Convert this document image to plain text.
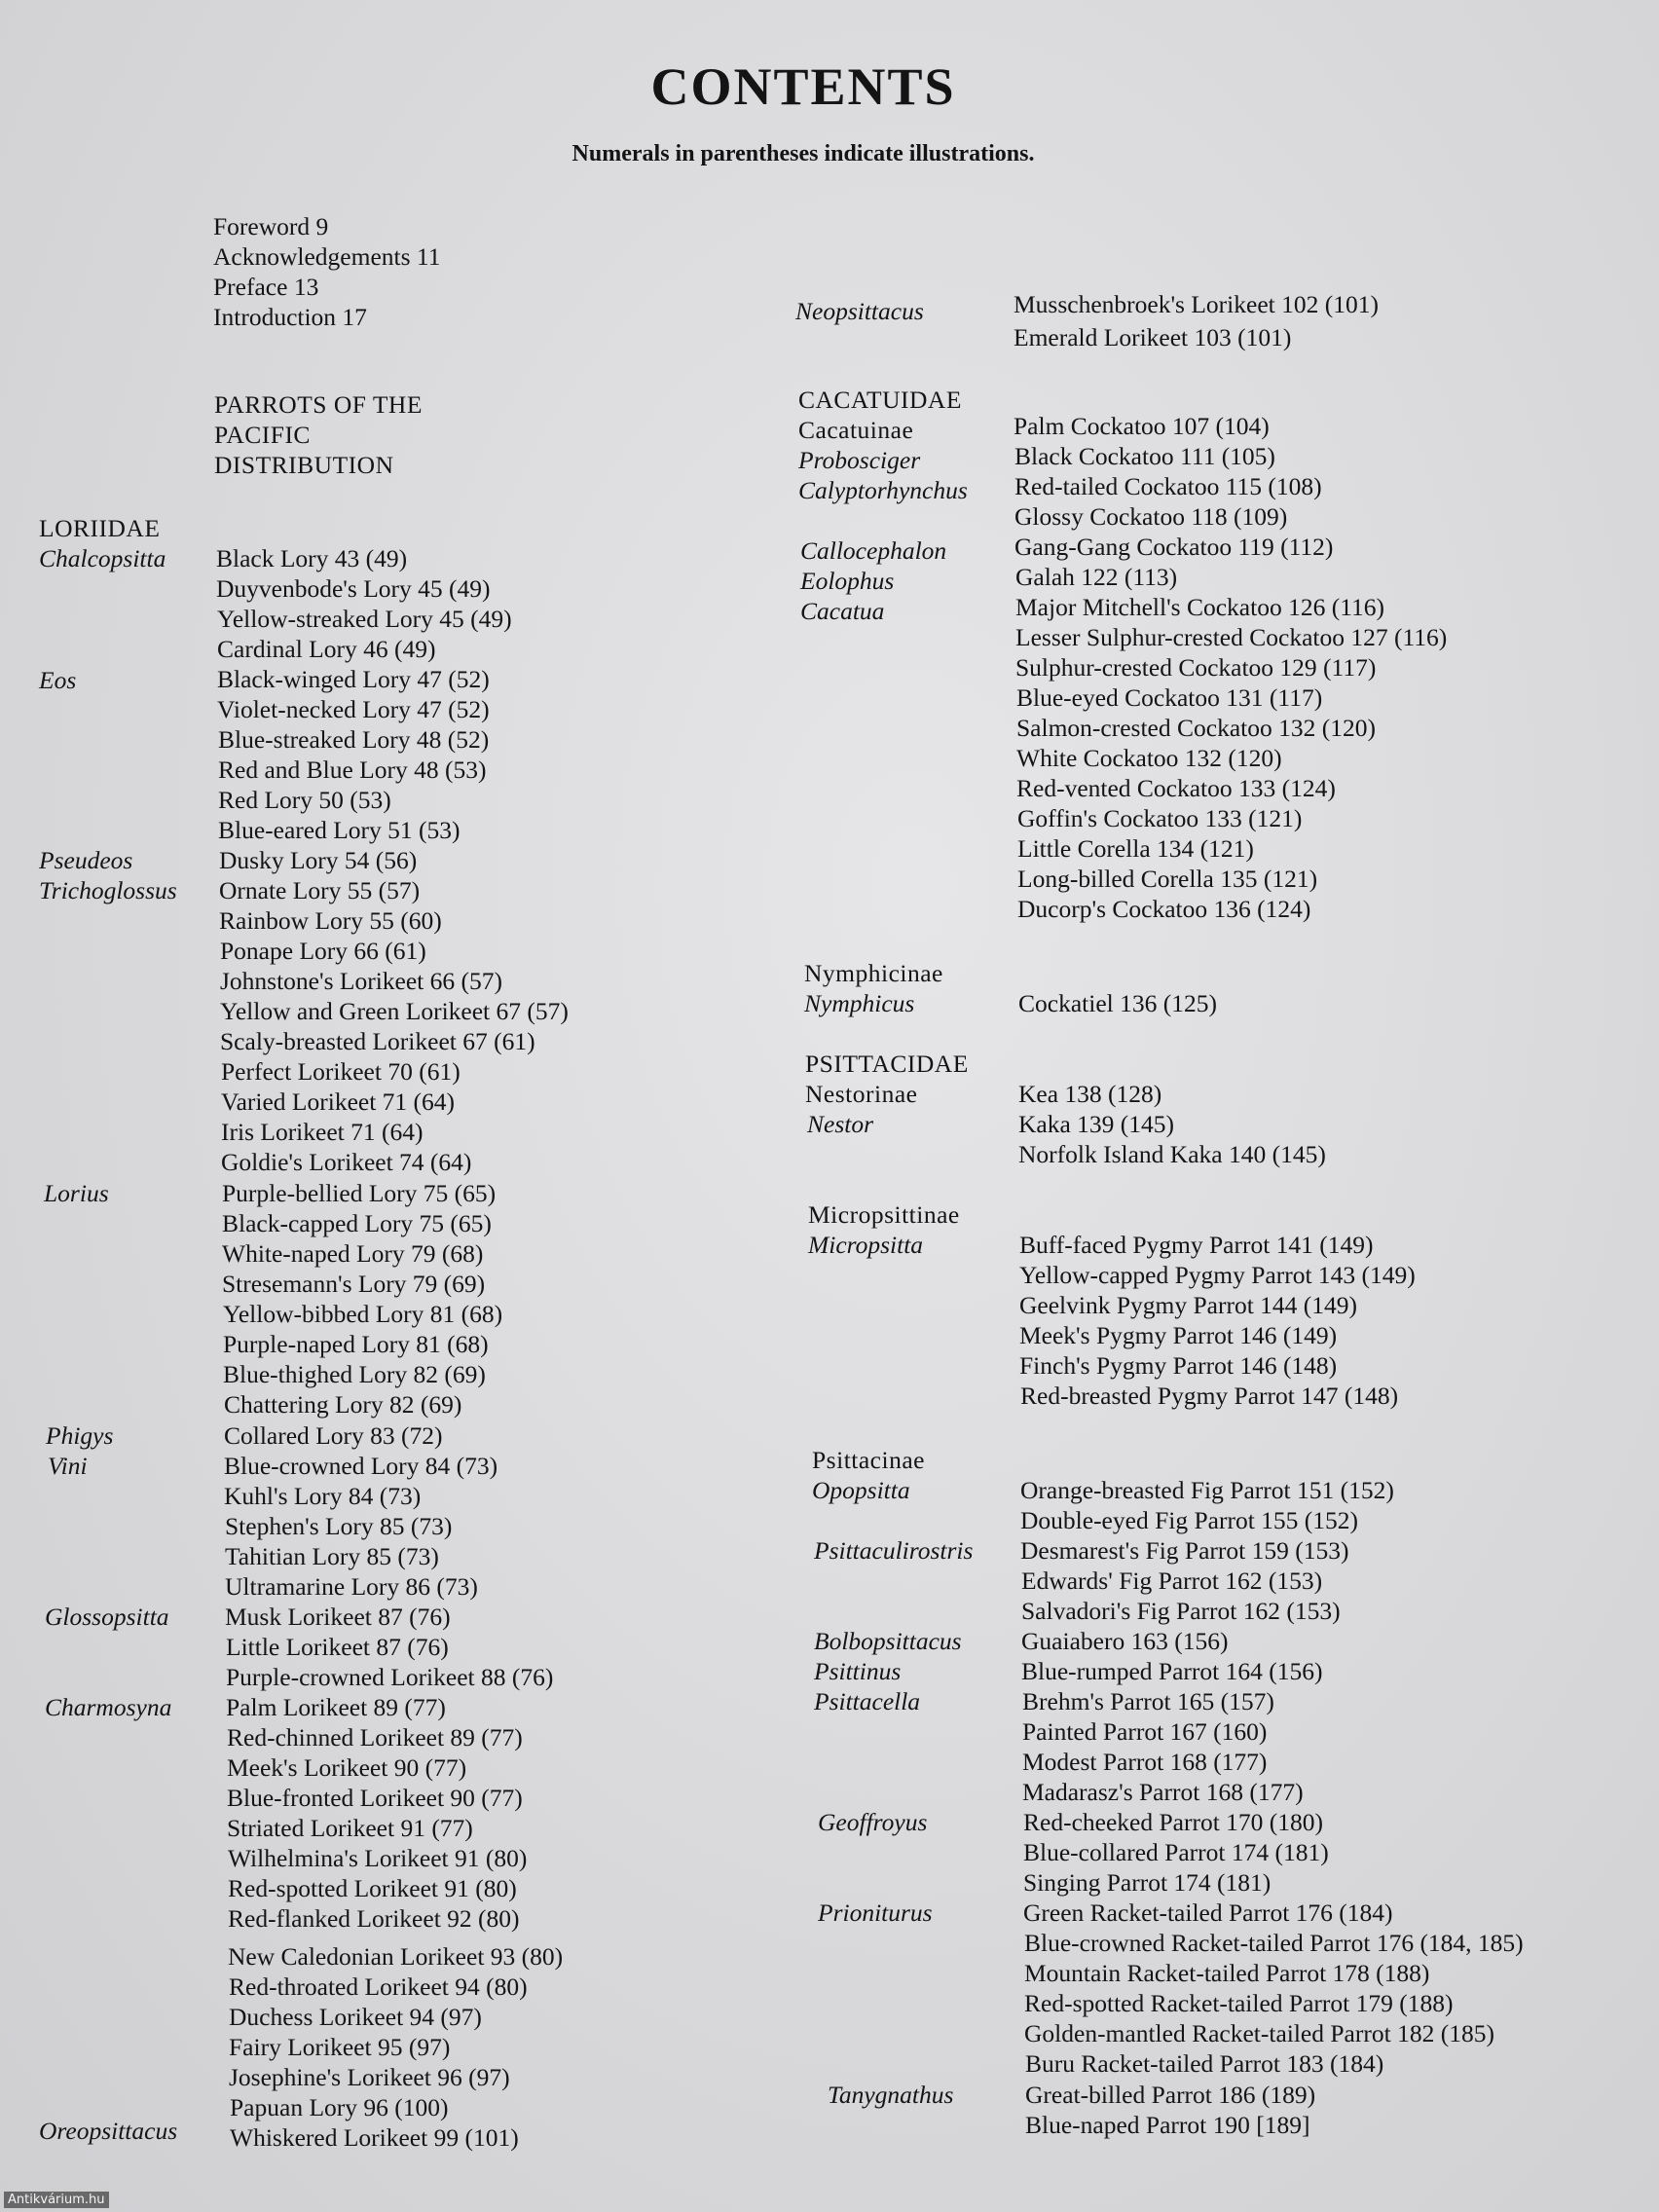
CONTENTS
Numerals in parentheses indicate illustrations.
Foreword 9
Acknowledgements 11
Preface 13
Introduction 17
PARROTS OF THE
PACIFIC
DISTRIBUTION
LORIIDAE
Chalcopsitta
Eos
Pseudeos
Trichoglossus
Lorius
Phigys
Vini
Glossopsitta
Charmosyna
Oreopsittacus
Black Lory 43 (49)
Duyvenbode's Lory 45 (49)
Yellow-streaked Lory 45 (49)
Cardinal Lory 46 (49)
Black-winged Lory 47 (52)
Violet-necked Lory 47 (52)
Blue-streaked Lory 48 (52)
Red and Blue Lory 48 (53)
Red Lory 50 (53)
Blue-eared Lory 51 (53)
Dusky Lory 54 (56)
Ornate Lory 55 (57)
Rainbow Lory 55 (60)
Ponape Lory 66 (61)
Johnstone's Lorikeet 66 (57)
Yellow and Green Lorikeet 67 (57)
Scaly-breasted Lorikeet 67 (61)
Perfect Lorikeet 70 (61)
Varied Lorikeet 71 (64)
Iris Lorikeet 71 (64)
Goldie's Lorikeet 74 (64)
Purple-bellied Lory 75 (65)
Black-capped Lory 75 (65)
White-naped Lory 79 (68)
Stresemann's Lory 79 (69)
Yellow-bibbed Lory 81 (68)
Purple-naped Lory 81 (68)
Blue-thighed Lory 82 (69)
Chattering Lory 82 (69)
Collared Lory 83 (72)
Blue-crowned Lory 84 (73)
Kuhl's Lory 84 (73)
Stephen's Lory 85 (73)
Tahitian Lory 85 (73)
Ultramarine Lory 86 (73)
Musk Lorikeet 87 (76)
Little Lorikeet 87 (76)
Purple-crowned Lorikeet 88 (76)
Palm Lorikeet 89 (77)
Red-chinned Lorikeet 89 (77)
Meek's Lorikeet 90 (77)
Blue-fronted Lorikeet 90 (77)
Striated Lorikeet 91 (77)
Wilhelmina's Lorikeet 91 (80)
Red-spotted Lorikeet 91 (80)
Red-flanked Lorikeet 92 (80)
New Caledonian Lorikeet 93 (80)
Red-throated Lorikeet 94 (80)
Duchess Lorikeet 94 (97)
Fairy Lorikeet 95 (97)
Josephine's Lorikeet 96 (97)
Papuan Lory 96 (100)
Whiskered Lorikeet 99 (101)
Neopsittacus
CACATUIDAE
Cacatuinae
Probosciger
Calyptorhynchus
Callocephalon
Eolophus
Cacatua
Nymphicinae
Nymphicus
PSITTACIDAE
Nestorinae
Nestor
Micropsittinae
Micropsitta
Psittacinae
Opopsitta
Psittaculirostris
Bolbopsittacus
Psittinus
Psittacella
Geoffroyus
Prioniturus
Tanygnathus
Musschenbroek's Lorikeet 102 (101)
Emerald Lorikeet 103 (101)
Palm Cockatoo 107 (104)
Black Cockatoo 111 (105)
Red-tailed Cockatoo 115 (108)
Glossy Cockatoo 118 (109)
Gang-Gang Cockatoo 119 (112)
Galah 122 (113)
Major Mitchell's Cockatoo 126 (116)
Lesser Sulphur-crested Cockatoo 127 (116)
Sulphur-crested Cockatoo 129 (117)
Blue-eyed Cockatoo 131 (117)
Salmon-crested Cockatoo 132 (120)
White Cockatoo 132 (120)
Red-vented Cockatoo 133 (124)
Goffin's Cockatoo 133 (121)
Little Corella 134 (121)
Long-billed Corella 135 (121)
Ducorp's Cockatoo 136 (124)
Cockatiel 136 (125)
Kea 138 (128)
Kaka 139 (145)
Norfolk Island Kaka 140 (145)
Buff-faced Pygmy Parrot 141 (149)
Yellow-capped Pygmy Parrot 143 (149)
Geelvink Pygmy Parrot 144 (149)
Meek's Pygmy Parrot 146 (149)
Finch's Pygmy Parrot 146 (148)
Red-breasted Pygmy Parrot 147 (148)
Orange-breasted Fig Parrot 151 (152)
Double-eyed Fig Parrot 155 (152)
Desmarest's Fig Parrot 159 (153)
Edwards' Fig Parrot 162 (153)
Salvadori's Fig Parrot 162 (153)
Guaiabero 163 (156)
Blue-rumped Parrot 164 (156)
Brehm's Parrot 165 (157)
Painted Parrot 167 (160)
Modest Parrot 168 (177)
Madarasz's Parrot 168 (177)
Red-cheeked Parrot 170 (180)
Blue-collared Parrot 174 (181)
Singing Parrot 174 (181)
Green Racket-tailed Parrot 176 (184)
Blue-crowned Racket-tailed Parrot 176 (184, 185)
Mountain Racket-tailed Parrot 178 (188)
Red-spotted Racket-tailed Parrot 179 (188)
Golden-mantled Racket-tailed Parrot 182 (185)
Buru Racket-tailed Parrot 183 (184)
Great-billed Parrot 186 (189)
Blue-naped Parrot 190 [189]
Antikvárium.hu
